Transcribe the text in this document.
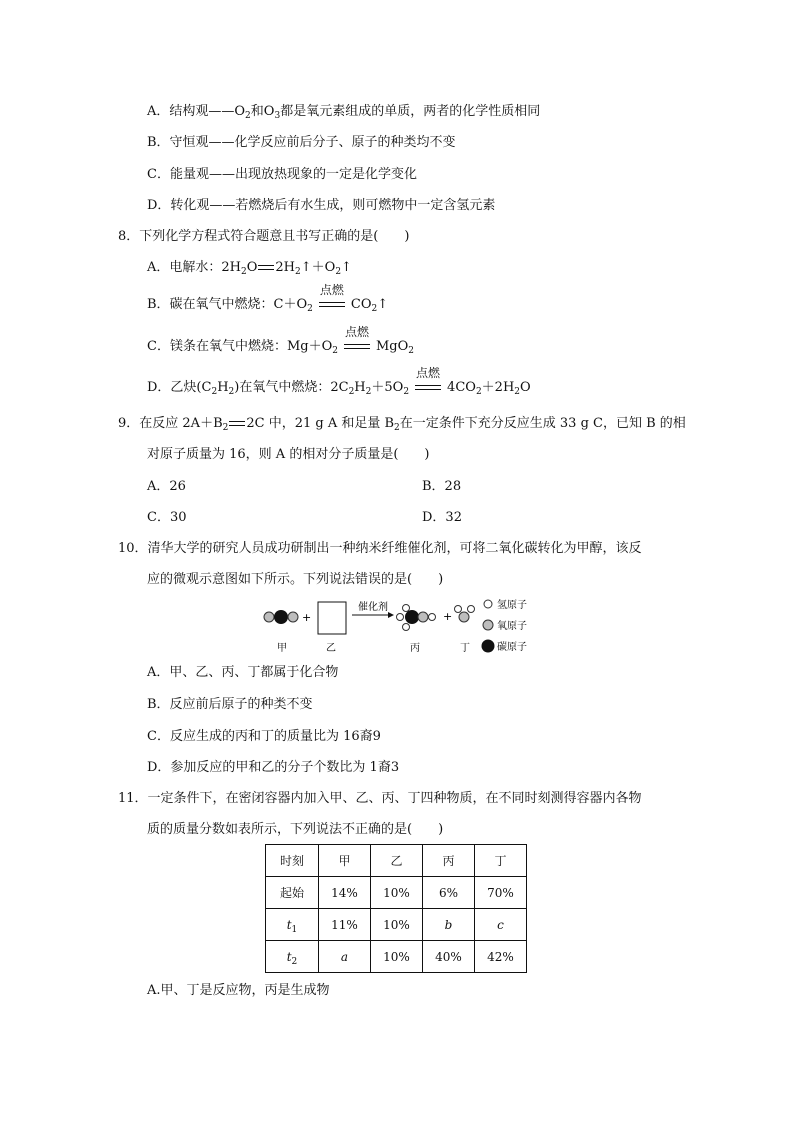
A．结构观$——O_2$和$O_3$都是氧元素组成的单质，两者的化学性质相同
B．守恒观——化学反应前后分子、原子的种类均不变
C．能量观——出现放热现象的一定是化学变化
D．转化观——若燃烧后有水生成，则可燃物中一定含氢元素
8．下列化学方程式符合题意且书写正确的是(　　)
A．电解水：$2H_2O$ $2H_2↑+O_2↑$
B．碳在氧气中燃烧：$C+O_2$
点燃
$CO_2↑$
C．镁条在氧气中燃烧：$Mg+O_2$
点燃
MgO$_2$
D．乙炔$(C_2H_2)$在氧气中燃烧：$2C_2H_2+5O_2$
点燃
$4CO_2+2H_2O$
9．在反应 $2A+B_2$ 2C 中，21 g A 和足量 $B_2$在一定条件下充分反应生成 33 g C，已知 B 的相
对原子质量为 16，则 A 的相对分子质量是(　　)
A．26	B．28
C．30	D．32
10．清华大学的研究人员成功研制出一种纳米纤维催化剂，可将二氧化碳转化为甲醇，该反
应的微观示意图如下所示。下列说法错误的是(　　)
+
催化剂
+
氢原子
氧原子
碳原子
甲	乙	丙	丁
A．甲、乙、丙、丁都属于化合物
B．反应前后原子的种类不变
C．反应生成的丙和丁的质量比为 16裔9
D．参加反应的甲和乙的分子个数比为 1裔3
11．一定条件下，在密闭容器内加入甲、乙、丙、丁四种物质，在不同时刻测得容器内各物
质的质量分数如表所示，下列说法不正确的是(　　)
时刻	甲	乙	丙	丁
起始	14%	10%	6%	70%
$t_1$	11%	10%	b	c
$t_2$	a	10%	40%	42%
A.甲、丁是反应物，丙是生成物
